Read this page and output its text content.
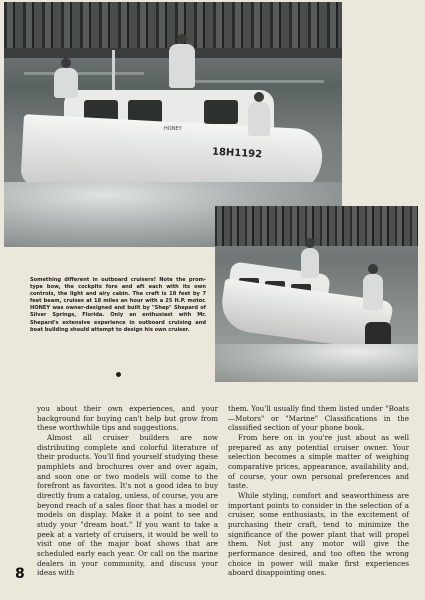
HONEY
18H1192
Something different in outboard cruisers! Note the prom-type bow, the cockpits fore and aft each with its own controls, the light and airy cabin. The craft is 18 feet by 7 feet beam, cruises at 18 miles an hour with a 25 H.P. motor. HONEY was owner-designed and built by "Shep" Shepard of Silver Springs, Florida. Only an enthusiast with Mr. Shepard's extensive experience in outboard cruising and boat building should attempt to design his own cruiser.

you about their own experiences, and your background for buying can't help but grow from these worthwhile tips and suggestions.

Almost all cruiser builders are now distributing complete and colorful literature of their products. You'll find yourself studying these pamphlets and brochures over and over again, and soon one or two models will come to the forefront as favorites. It's not a good idea to buy directly from a catalog, unless, of course, you are beyond reach of a sales floor that has a model or models on display. Make it a point to see and study your "dream boat." If you want to take a peek at a variety of cruisers, it would be well to visit one of the major boat shows that are scheduled early each year. Or call on the marine dealers in your community, and discuss your ideas with

them. You'll usually find them listed under "Boats—Motors" or "Marine" Classifications in the classified section of your phone book.

From here on in you're just about as well prepared as any potential cruiser owner. Your selection becomes a simple matter of weighing comparative prices, appearance, availability and, of course, your own personal preferences and taste.

While styling, comfort and seaworthiness are important points to consider in the selection of a cruiser, some enthusiasts, in the excitement of purchasing their craft, tend to minimize the significance of the power plant that will propel them. Not just any motor will give the performance desired, and too often the wrong choice in power will make first experiences aboard disappointing ones.

8
